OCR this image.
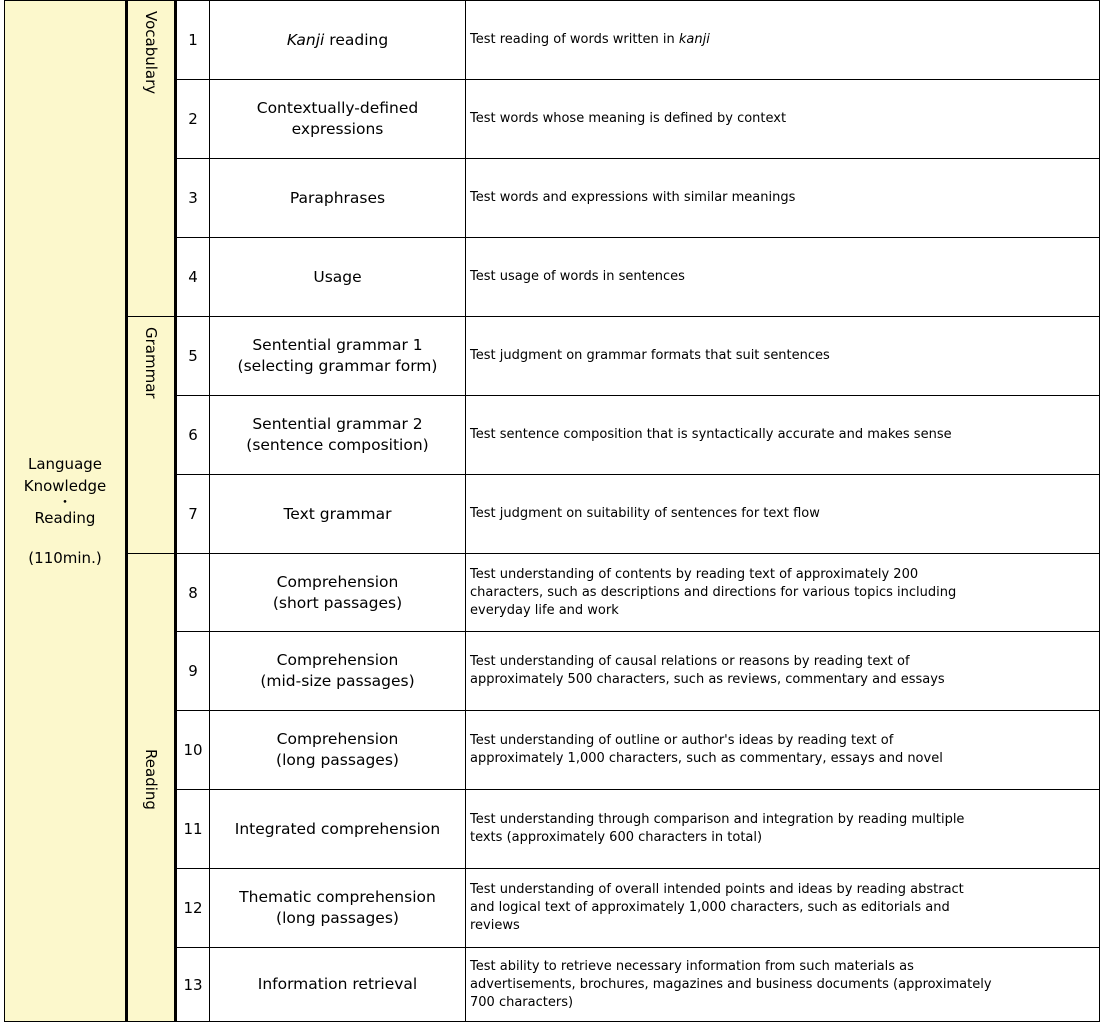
Language
Knowledge

・
Reading

(110min.)	Vocabulary	1	Kanji reading	Test reading of words written in kanji
		2	Contextually-defined
expressions	Test words whose meaning is defined by context
		3	Paraphrases	Test words and expressions with similar meanings
		4	Usage	Test usage of words in sentences

	Grammar	5	Sentential grammar 1
(selecting grammar form)	Test judgment on grammar formats that suit sentences
		6	Sentential grammar 2
(sentence composition)	Test sentence composition that is syntactically accurate and makes sense
		7	Text grammar	Test judgment on suitability of sentences for text flow

	Reading	8	Comprehension
(short passages)	Test understanding of contents by reading text of approximately 200
characters, such as descriptions and directions for various topics including
everyday life and work
		9	Comprehension
(mid-size passages)	Test understanding of causal relations or reasons by reading text of
approximately 500 characters, such as reviews, commentary and essays
		10	Comprehension
(long passages)	Test understanding of outline or author's ideas by reading text of
approximately 1,000 characters, such as commentary, essays and novel
		11	Integrated comprehension	Test understanding through comparison and integration by reading multiple
texts (approximately 600 characters in total)
		12	Thematic comprehension
(long passages)	Test understanding of overall intended points and ideas by reading abstract
and logical text of approximately 1,000 characters, such as editorials and
reviews
		13	Information retrieval	Test ability to retrieve necessary information from such materials as
advertisements, brochures, magazines and business documents (approximately
700 characters)
